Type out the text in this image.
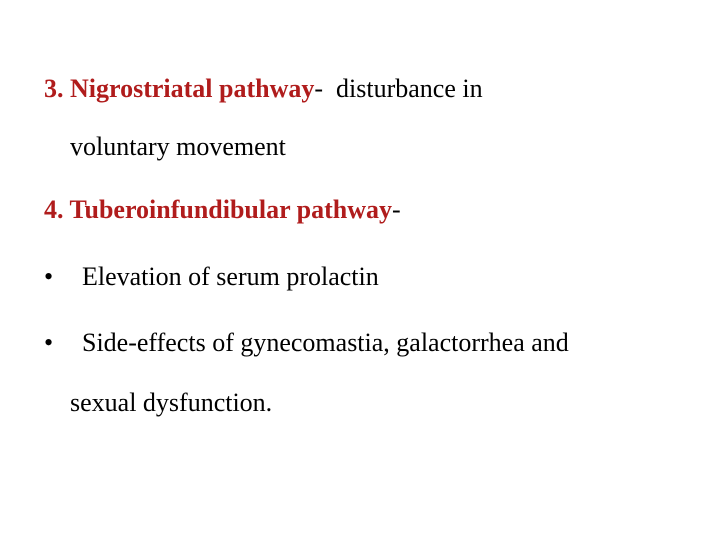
3. Nigrostriatal pathway- disturbance in
voluntary movement
4. Tuberoinfundibular pathway-
• Elevation of serum prolactin
• Side-effects of gynecomastia, galactorrhea and
sexual dysfunction.
